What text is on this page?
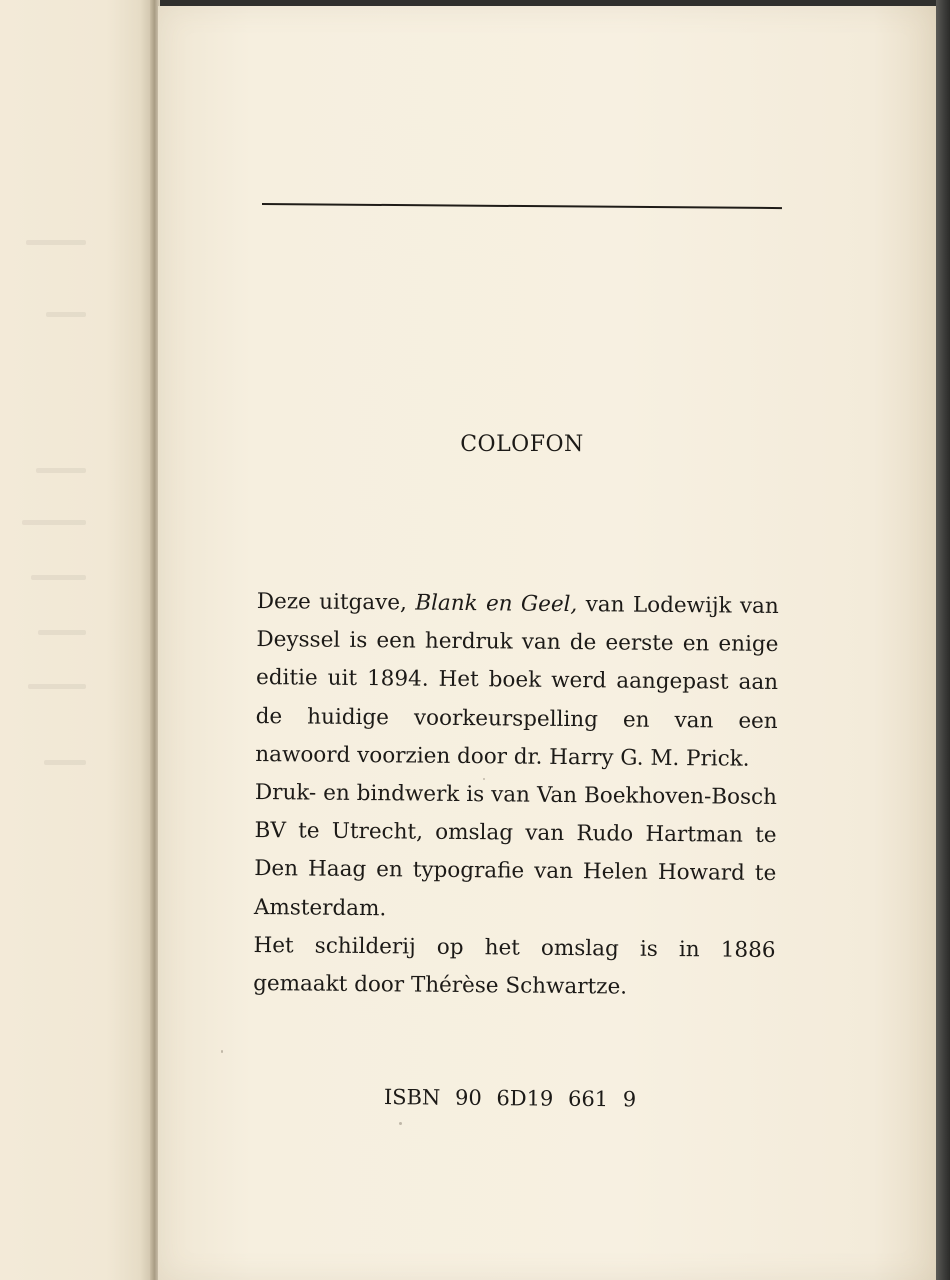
COLOFON

Deze uitgave, Blank en Geel, van Lodewijk van Deyssel is een herdruk van de eerste en enige editie uit 1894. Het boek werd aangepast aan de huidige voorkeurspelling en van een nawoord voorzien door dr. Harry G. M. Prick.

Druk- en bindwerk is van Van Boekhoven-Bosch BV te Utrecht, omslag van Rudo Hartman te Den Haag en typografie van Helen Howard te Amsterdam.

Het schilderij op het omslag is in 1886 gemaakt door Thérèse Schwartze.

ISBN 90 6D19 661 9
